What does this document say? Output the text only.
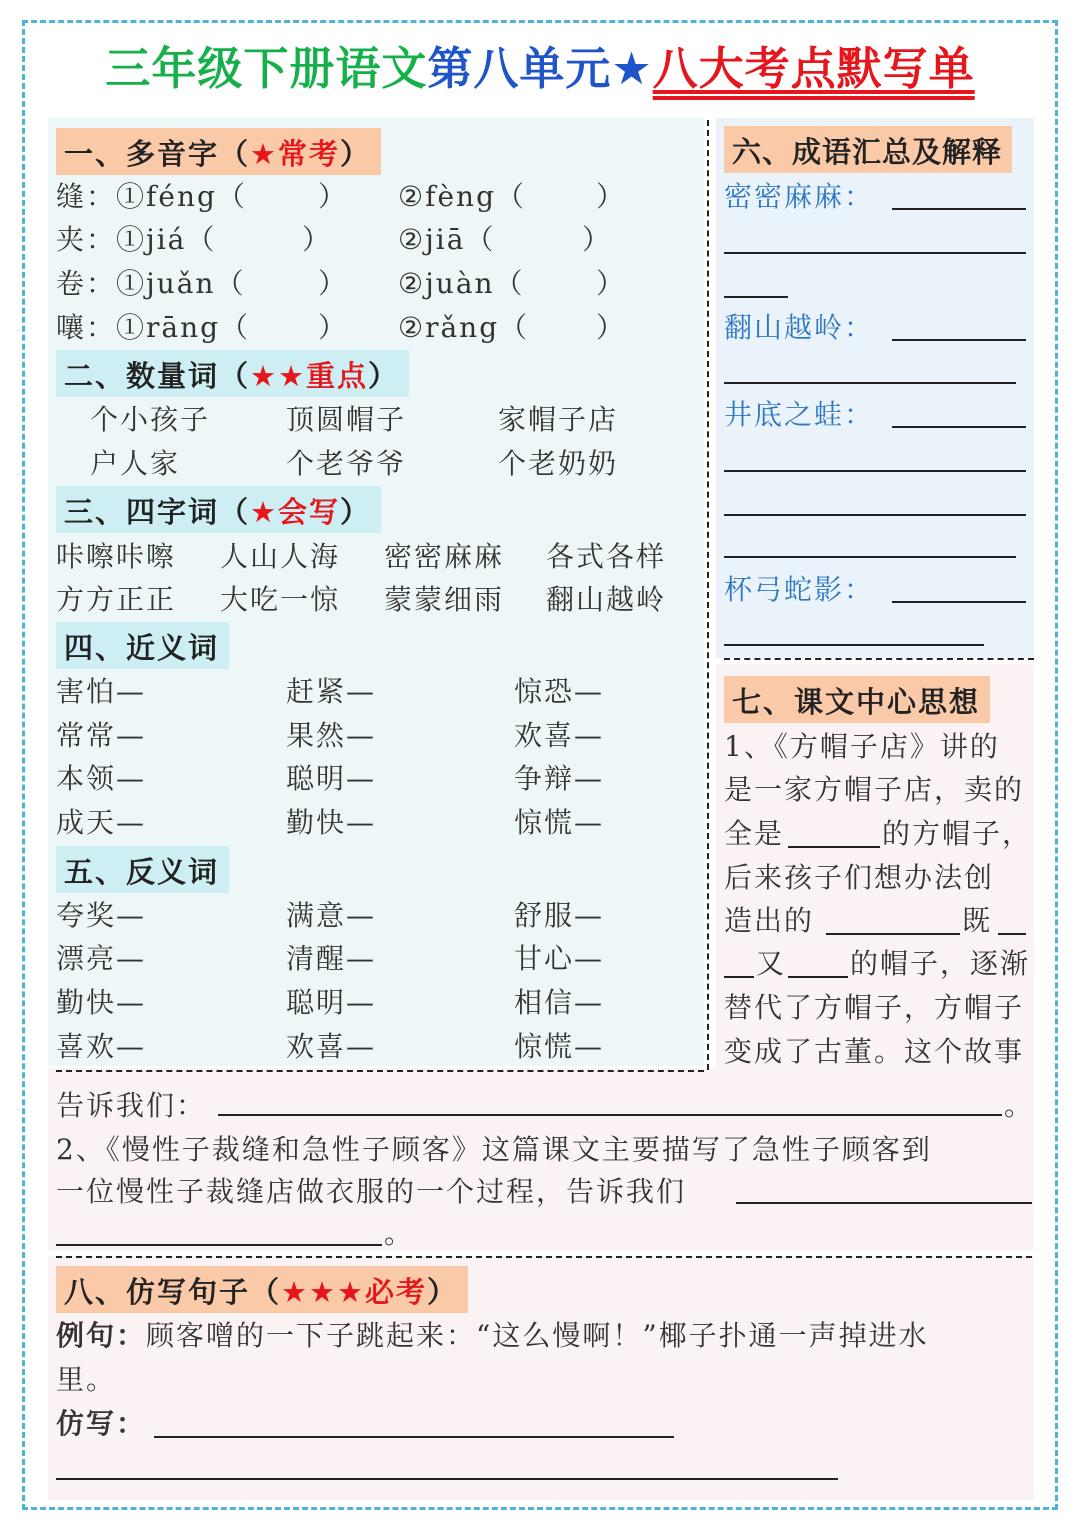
三年级下册语文第八单元★八大考点默写单
一、多音字（★常考）
缝：①féng（	） ②fèng（	）
夹：①jiá（	） ②jiā（	）
卷：①juǎn（	） ②juàn（	）
嚷：①rāng（ ） ②rǎng（ ）
二、数量词（★★重点）
个小孩子	顶圆帽子	家帽子店
户人家	个老爷爷	个老奶奶
三、四字词（★会写）
咔嚓咔嚓 人山人海 密密麻麻 各式各样
方方正正 大吃一惊 蒙蒙细雨 翻山越岭
四、近义词
害怕—	赶紧—	惊恐—
常常—	果然—	欢喜—
本领—	聪明—	争辩—
成天—	勤快—	惊慌—
五、反义词
夸奖—	满意—	舒服—
漂亮—	清醒—	甘心—
勤快—	聪明—	相信—
喜欢—	欢喜—	惊慌—
六、成语汇总及解释
密密麻麻：
翻山越岭：
井底之蛙：
杯弓蛇影：
七、课文中心思想
1、《方帽子店》讲的
是一家方帽子店，卖的
全是	的方帽子，
后来孩子们想办法创
造出的	既
又 的帽子，逐渐
替代了方帽子，方帽子
变成了古董。这个故事
告诉我们：	。
2、《慢性子裁缝和急性子顾客》这篇课文主要描写了急性子顾客到
一位慢性子裁缝店做衣服的一个过程，告诉我们
。
八、仿写句子（★★★必考）
例句：顾客噌的一下子跳起来：“这么慢啊！”椰子扑通一声掉进水
里。
仿写：
